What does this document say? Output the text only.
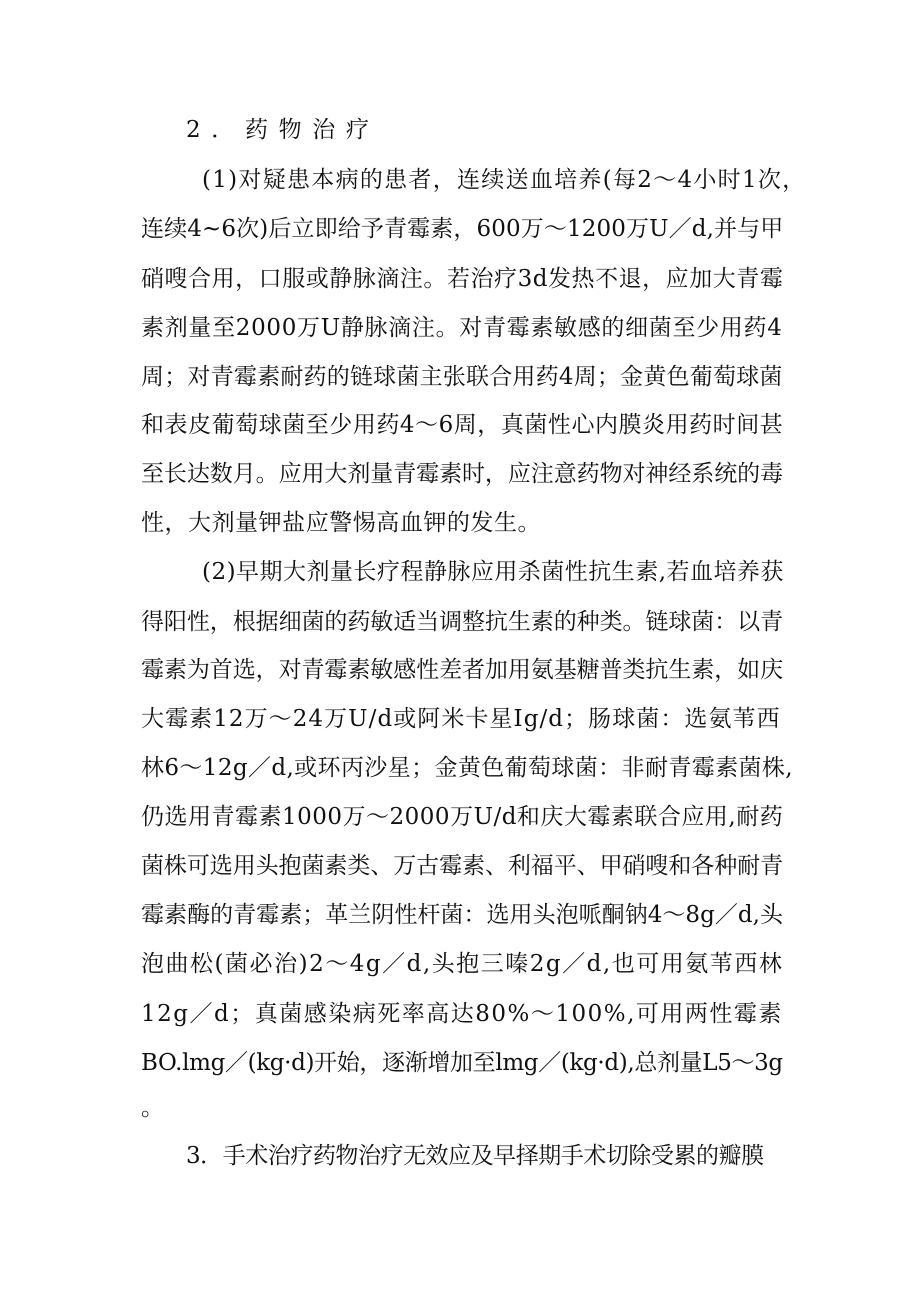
2．药物治疗
(1)对疑患本病的患者，连续送血培养(每2～4小时1次，
连续4~6次)后立即给予青霉素，600万～1200万U／d,并与甲
硝嗖合用，口服或静脉滴注。若治疗3d发热不退，应加大青霉
素剂量至2000万U静脉滴注。对青霉素敏感的细菌至少用药4
周；对青霉素耐药的链球菌主张联合用药4周；金黄色葡萄球菌
和表皮葡萄球菌至少用药4～6周，真菌性心内膜炎用药时间甚
至长达数月。应用大剂量青霉素时，应注意药物对神经系统的毒
性，大剂量钾盐应警惕高血钾的发生。
(2)早期大剂量长疗程静脉应用杀菌性抗生素,若血培养获
得阳性，根据细菌的药敏适当调整抗生素的种类。链球菌：以青
霉素为首选，对青霉素敏感性差者加用氨基糖普类抗生素，如庆
大霉素12万～24万U/d或阿米卡星Ig/d；肠球菌：选氨苇西
林6～12g／d,或环丙沙星；金黄色葡萄球菌：非耐青霉素菌株,
仍选用青霉素1000万～2000万U/d和庆大霉素联合应用,耐药
菌株可选用头抱菌素类、万古霉素、利福平、甲硝嗖和各种耐青
霉素酶的青霉素；革兰阴性杆菌：选用头泡哌酮钠4～8g／d,头
泡曲松(菌必治)2～4g／d,头抱三嗪2g／d,也可用氨苇西林
12g／d；真菌感染病死率高达80%～100%,可用两性霉素
BO.lmg／(kg·d)开始，逐渐增加至lmg／(kg·d),总剂量L5～3g
。
3．手术治疗药物治疗无效应及早择期手术切除受累的瓣膜
